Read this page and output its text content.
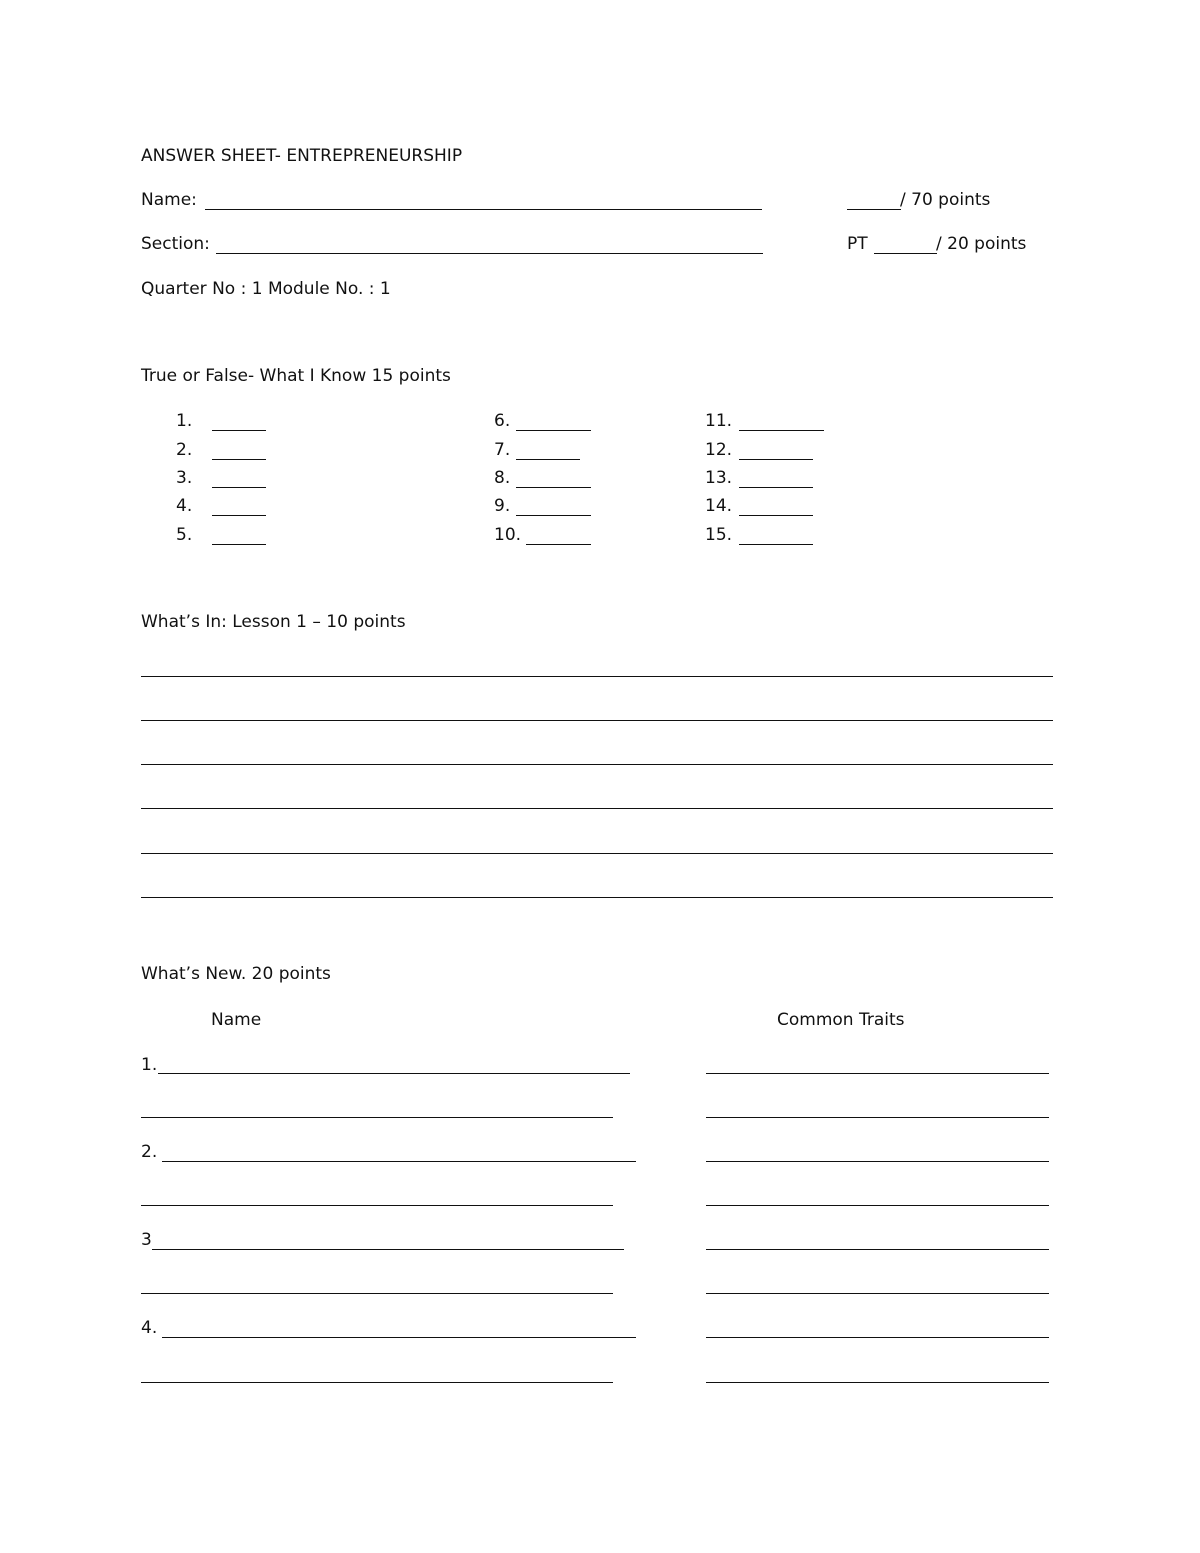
ANSWER SHEET- ENTREPRENEURSHIP
Name:	/ 70 points
Section:	PT	/ 20 points
Quarter No : 1 Module No. : 1
True or False- What I Know 15 points
1.
2.
3.
4.
5.
6.
7.
8.
9.
10.
11.
12.
13.
14.
15.
What’s In: Lesson 1 – 10 points
What’s New. 20 points
Name	Common Traits
1.
2.
3
4.
